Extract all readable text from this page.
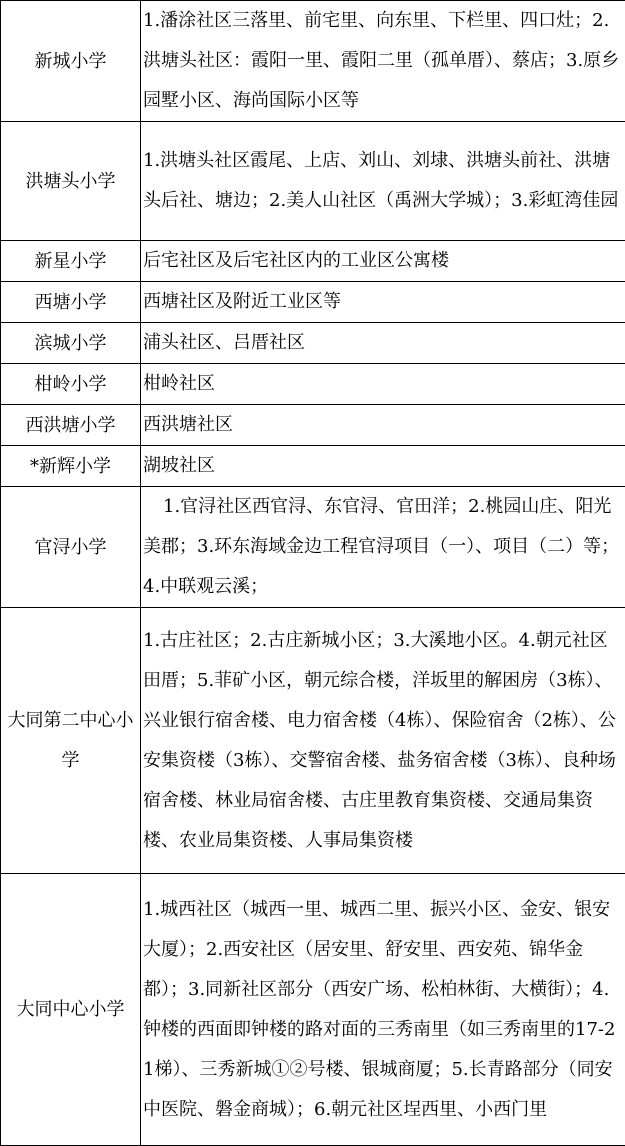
新城小学	1.潘涂社区三落里、前宅里、向东里、下栏里、四口灶；2.洪塘头社区：霞阳一里、霞阳二里（孤单厝）、蔡店；3.原乡园墅小区、海尚国际小区等
洪塘头小学	1.洪塘头社区霞尾、上店、刘山、刘埭、洪塘头前社、洪塘头后社、塘边；2.美人山社区（禹洲大学城）；3.彩虹湾佳园
新星小学	后宅社区及后宅社区内的工业区公寓楼
西塘小学	西塘社区及附近工业区等
滨城小学	浦头社区、吕厝社区
柑岭小学	柑岭社区
西洪塘小学	西洪塘社区
*新辉小学	湖坡社区
官浔小学	1.官浔社区西官浔、东官浔、官田洋；2.桃园山庄、阳光美郡；3.环东海域金边工程官浔项目（一）、项目（二）等；4.中联观云溪；
大同第二中心小学	1.古庄社区；2.古庄新城小区；3.大溪地小区。4.朝元社区田厝；5.菲矿小区，朝元综合楼，洋坂里的解困房（3栋）、兴业银行宿舍楼、电力宿舍楼（4栋）、保险宿舍（2栋）、公安集资楼（3栋）、交警宿舍楼、盐务宿舍楼（3栋）、良种场宿舍楼、林业局宿舍楼、古庄里教育集资楼、交通局集资楼、农业局集资楼、人事局集资楼
大同中心小学	1.城西社区（城西一里、城西二里、振兴小区、金安、银安大厦）；2.西安社区（居安里、舒安里、西安苑、锦华金都）；3.同新社区部分（西安广场、松柏林街、大横街）；4.钟楼的西面即钟楼的路对面的三秀南里（如三秀南里的17-21梯）、三秀新城①②号楼、银城商厦；5.长青路部分（同安中医院、磐金商城）；6.朝元社区埕西里、小西门里
